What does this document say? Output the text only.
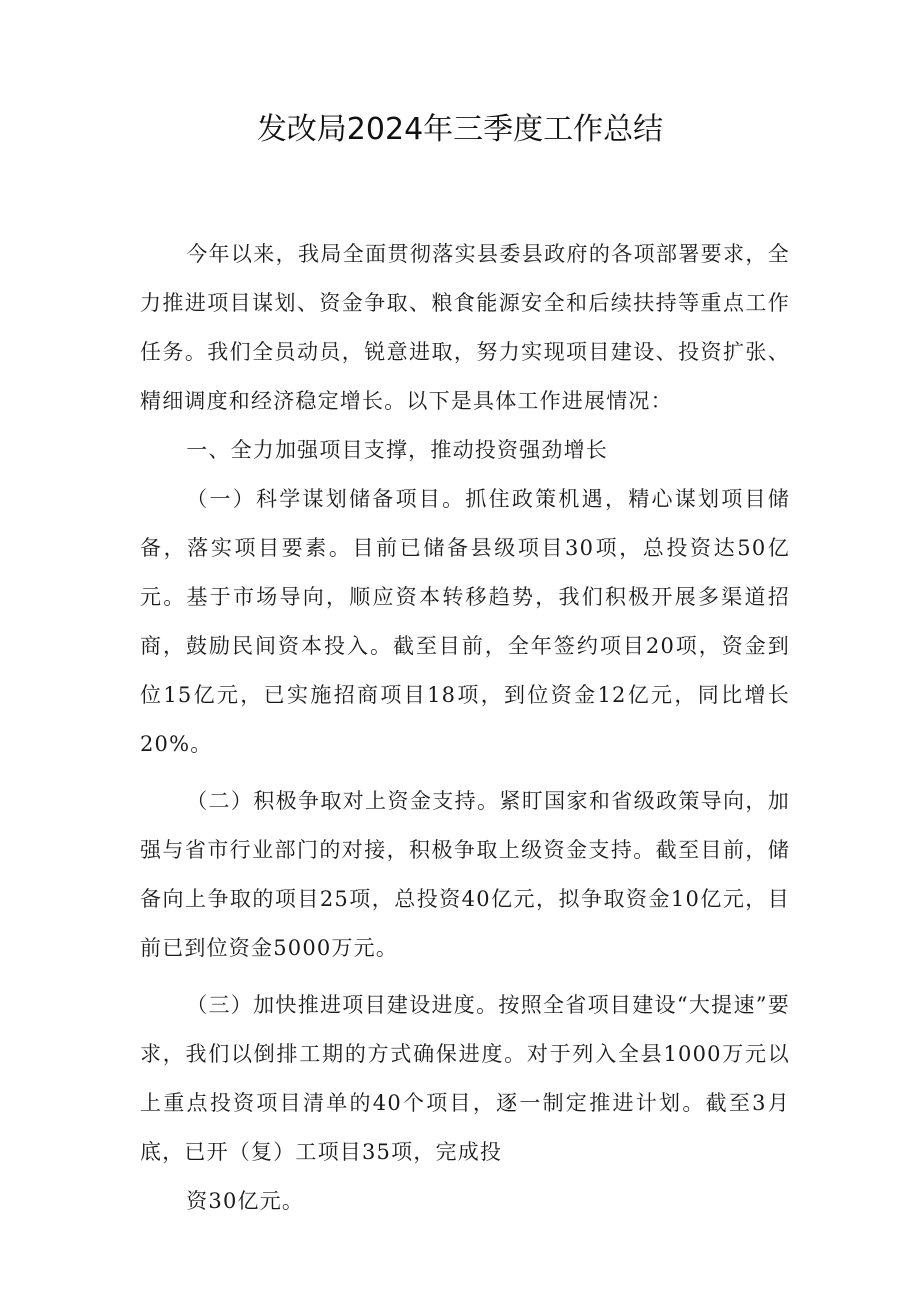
发改局2024年三季度工作总结

今年以来，我局全面贯彻落实县委县政府的各项部署要求，全力推进项目谋划、资金争取、粮食能源安全和后续扶持等重点工作任务。我们全员动员，锐意进取，努力实现项目建设、投资扩张、精细调度和经济稳定增长。以下是具体工作进展情况：

一、全力加强项目支撑，推动投资强劲增长

（一）科学谋划储备项目。抓住政策机遇，精心谋划项目储备，落实项目要素。目前已储备县级项目30项，总投资达50亿元。基于市场导向，顺应资本转移趋势，我们积极开展多渠道招商，鼓励民间资本投入。截至目前，全年签约项目20项，资金到位15亿元，已实施招商项目18项，到位资金12亿元，同比增长20%。

（二）积极争取对上资金支持。紧盯国家和省级政策导向，加强与省市行业部门的对接，积极争取上级资金支持。截至目前，储备向上争取的项目25项，总投资40亿元，拟争取资金10亿元，目前已到位资金5000万元。

（三）加快推进项目建设进度。按照全省项目建设“大提速”要求，我们以倒排工期的方式确保进度。对于列入全县1000万元以上重点投资项目清单的40个项目，逐一制定推进计划。截至3月底，已开（复）工项目35项，完成投

资30亿元。
